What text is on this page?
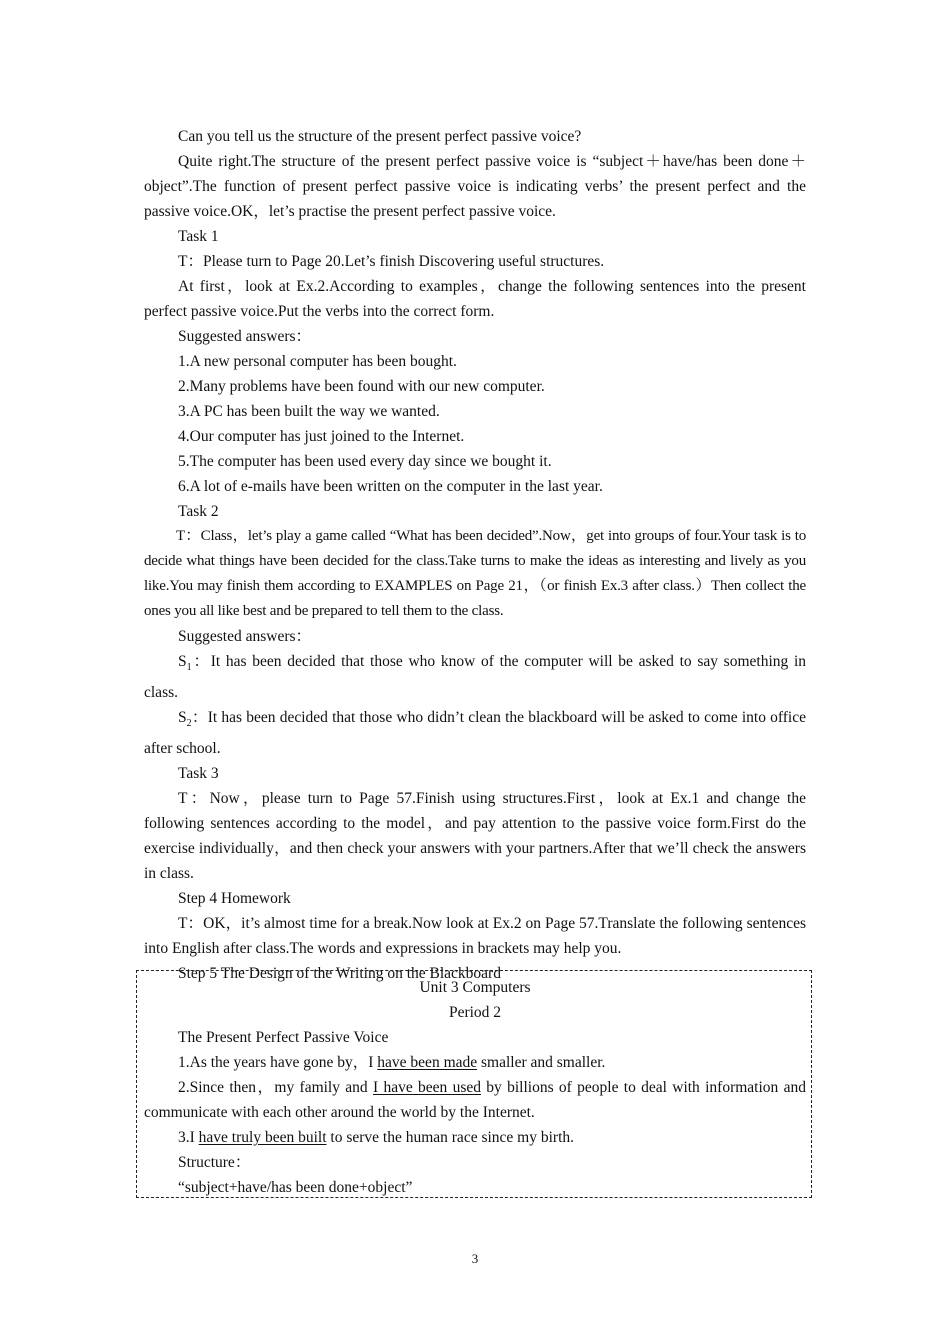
Can you tell us the structure of the present perfect passive voice?

Quite right.The structure of the present perfect passive voice is “subject＋have/has been done＋object”.The function of present perfect passive voice is indicating verbs’ the present perfect and the passive voice.OK，let’s practise the present perfect passive voice.

Task 1

T：Please turn to Page 20.Let’s finish Discovering useful structures.

At first，look at Ex.2.According to examples，change the following sentences into the present perfect passive voice.Put the verbs into the correct form.

Suggested answers：

1.A new personal computer has been bought.

2.Many problems have been found with our new computer.

3.A PC has been built the way we wanted.

4.Our computer has just joined to the Internet.

5.The computer has been used every day since we bought it.

6.A lot of e-mails have been written on the computer in the last year.

Task 2

T：Class，let’s play a game called “What has been decided”.Now，get into groups of four.Your task is to decide what things have been decided for the class.Take turns to make the ideas as interesting and lively as you like.You may finish them according to EXAMPLES on Page 21，（or finish Ex.3 after class.）Then collect the ones you all like best and be prepared to tell them to the class.

Suggested answers：

$S_1$：It has been decided that those who know of the computer will be asked to say something in class.

$S_2$：It has been decided that those who didn’t clean the blackboard will be asked to come into office after school.

Task 3

T：Now，please turn to Page 57.Finish using structures.First，look at Ex.1 and change the following sentences according to the model，and pay attention to the passive voice form.First do the exercise individually，and then check your answers with your partners.After that we’ll check the answers in class.

Step 4 Homework

T：OK，it’s almost time for a break.Now look at Ex.2 on Page 57.Translate the following sentences into English after class.The words and expressions in brackets may help you.

Step 5 The Design of the Writing on the Blackboard

Unit 3 Computers

Period 2

The Present Perfect Passive Voice

1.As the years have gone by，I have been made smaller and smaller.

2.Since then，my family and I have been used by billions of people to deal with information and communicate with each other around the world by the Internet.

3.I have truly been built to serve the human race since my birth.

Structure：

“subject+have/has been done+object”

3
